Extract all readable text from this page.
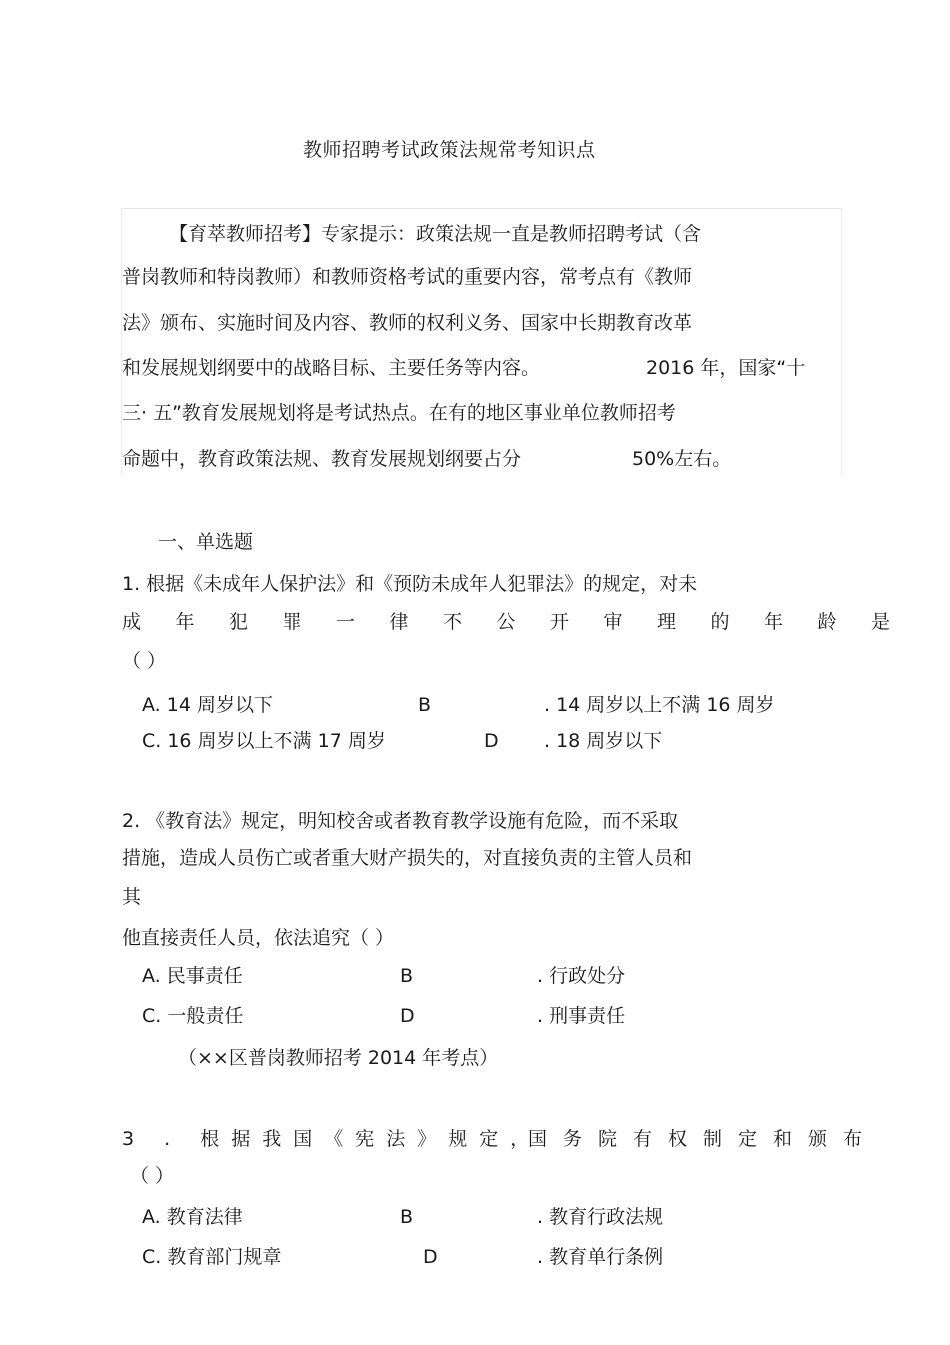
教师招聘考试政策法规常考知识点
【育萃教师招考】专家提示：政策法规一直是教师招聘考试（含
普岗教师和特岗教师）和教师资格考试的重要内容，常考点有《教师
法》颁布、实施时间及内容、教师的权利义务、国家中长期教育改革
和发展规划纲要中的战略目标、主要任务等内容。	2016 年，国家“十
三· 五”教育发展规划将是考试热点。在有的地区事业单位教师招考
命题中，教育政策法规、教育发展规划纲要占分	50%左右。
一、单选题
1. 根据《未成年人保护法》和《预防未成年人犯罪法》的规定，对未
成年犯罪一律不公开审理的年龄是
（ ）
A. 14 周岁以下	B	. 14 周岁以上不满 16 周岁
C. 16 周岁以上不满 17 周岁	D . 18 周岁以下
2. 《教育法》规定，明知校舍或者教育教学设施有危险，而不采取
措施，造成人员伤亡或者重大财产损失的，对直接负责的主管人员和
其
他直接责任人员，依法追究（ ）
A. 民事责任	B	. 行政处分
C. 一般责任	D	. 刑事责任
（××区普岗教师招考 2014 年考点）
3 . 根据我国《宪法》规定，
国务院有权制定和颁布
（ ）
A. 教育法律	B	. 教育行政法规
C. 教育部门规章	D	. 教育单行条例
